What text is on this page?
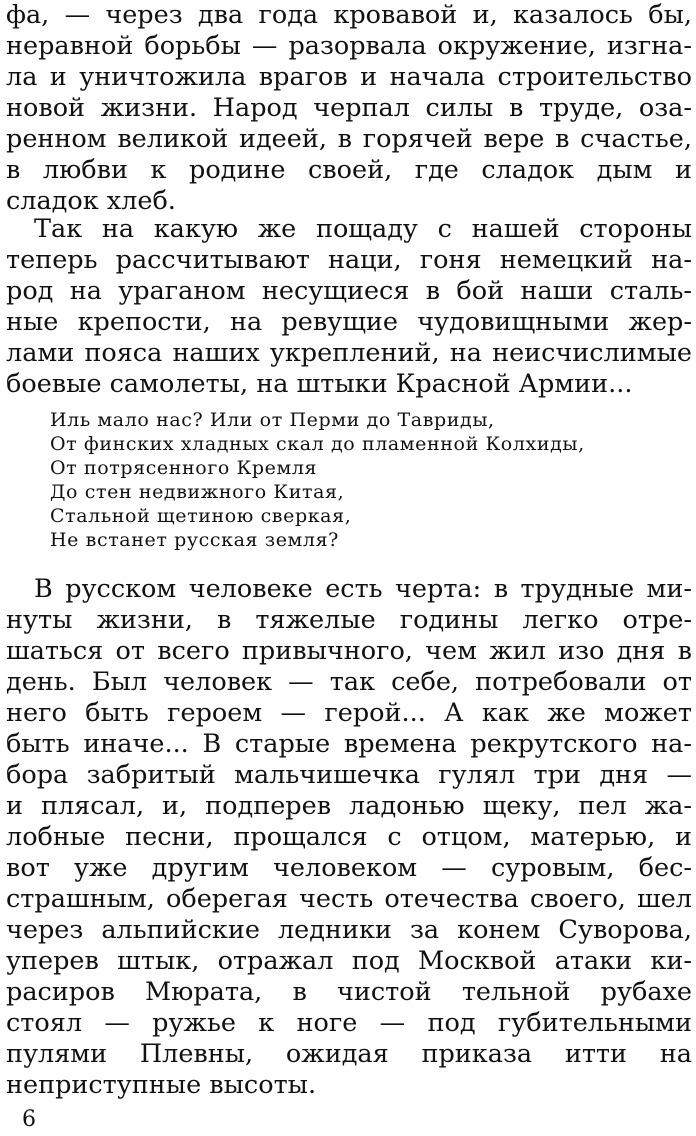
фа, — через два года кровавой и, казалось бы,
неравной борьбы — разорвала окружение, изгна-
ла и уничтожила врагов и начала строительство
новой жизни. Народ черпал силы в труде, оза-
ренном великой идеей, в горячей вере в счастье,
в любви к родине своей, где сладок дым и
сладок хлеб.
Так на какую же пощаду с нашей стороны
теперь рассчитывают наци, гоня немецкий на-
род на ураганом несущиеся в бой наши сталь-
ные крепости, на ревущие чудовищными жер-
лами пояса наших укреплений, на неисчислимые
боевые самолеты, на штыки Красной Армии...
Иль мало нас? Или от Перми до Тавриды,
От финских хладных скал до пламенной Колхиды,
От потрясенного Кремля
До стен недвижного Китая,
Стальной щетиною сверкая,
Не встанет русская земля?
В русском человеке есть черта: в трудные ми-
нуты жизни, в тяжелые годины легко отре-
шаться от всего привычного, чем жил изо дня в
день. Был человек — так себе, потребовали от
него быть героем — герой... А как же может
быть иначе... В старые времена рекрутского на-
бора забритый мальчишечка гулял три дня —
и плясал, и, подперев ладонью щеку, пел жа-
лобные песни, прощался с отцом, матерью, и
вот уже другим человеком — суровым, бес-
страшным, оберегая честь отечества своего, шел
через альпийские ледники за конем Суворова,
уперев штык, отражал под Москвой атаки ки-
расиров Мюрата, в чистой тельной рубахе
стоял — ружье к ноге — под губительными
пулями Плевны, ожидая приказа итти на
неприступные высоты.
6
